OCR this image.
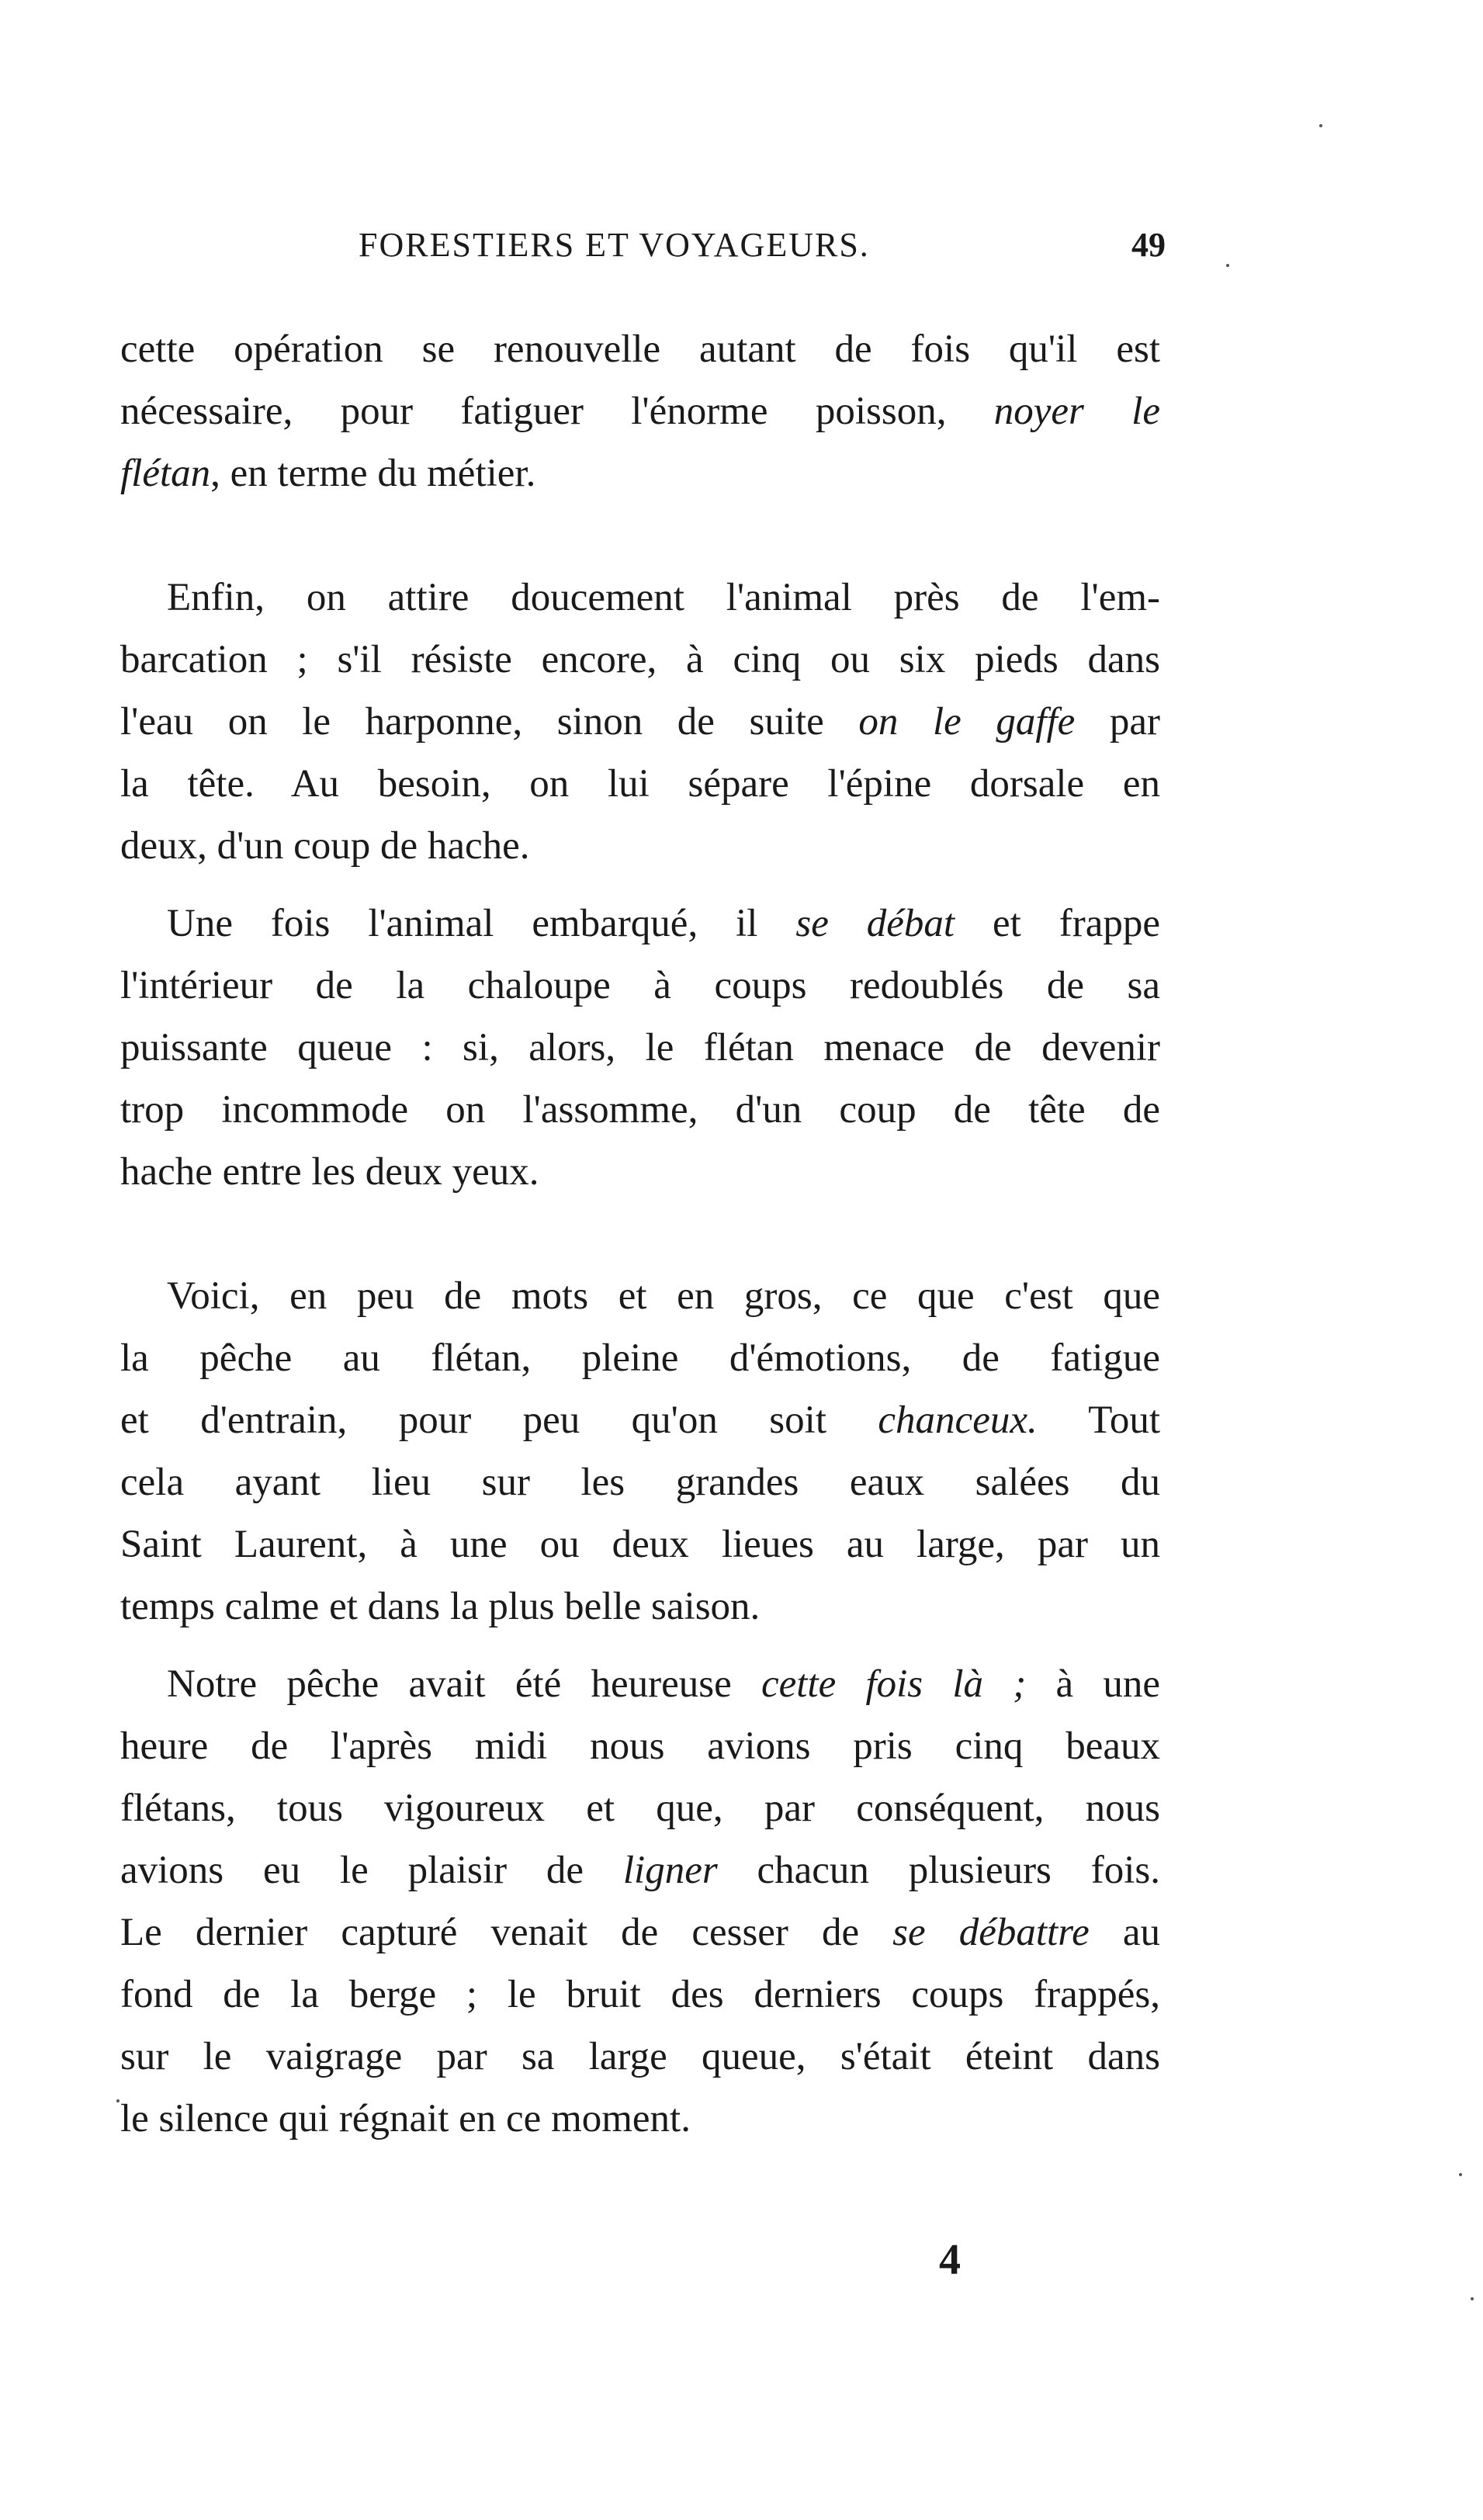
FORESTIERS ET VOYAGEURS.	49

cette opération se renouvelle autant de fois qu'il est
nécessaire, pour fatiguer l'énorme poisson, noyer le
flétan, en terme du métier.

Enfin, on attire doucement l'animal près de l'em-
barcation ; s'il résiste encore, à cinq ou six pieds dans
l'eau on le harponne, sinon de suite on le gaffe par
la tête. Au besoin, on lui sépare l'épine dorsale en
deux, d'un coup de hache.

Une fois l'animal embarqué, il se débat et frappe
l'intérieur de la chaloupe à coups redoublés de sa
puissante queue : si, alors, le flétan menace de devenir
trop incommode on l'assomme, d'un coup de tête de
hache entre les deux yeux.

Voici, en peu de mots et en gros, ce que c'est que
la pêche au flétan, pleine d'émotions, de fatigue
et d'entrain, pour peu qu'on soit chanceux. Tout
cela ayant lieu sur les grandes eaux salées du
Saint Laurent, à une ou deux lieues au large, par un
temps calme et dans la plus belle saison.

Notre pêche avait été heureuse cette fois là ; à une
heure de l'après midi nous avions pris cinq beaux
flétans, tous vigoureux et que, par conséquent, nous
avions eu le plaisir de ligner chacun plusieurs fois.
Le dernier capturé venait de cesser de se débattre au
fond de la berge ; le bruit des derniers coups frappés,
sur le vaigrage par sa large queue, s'était éteint dans
le silence qui régnait en ce moment.

4
